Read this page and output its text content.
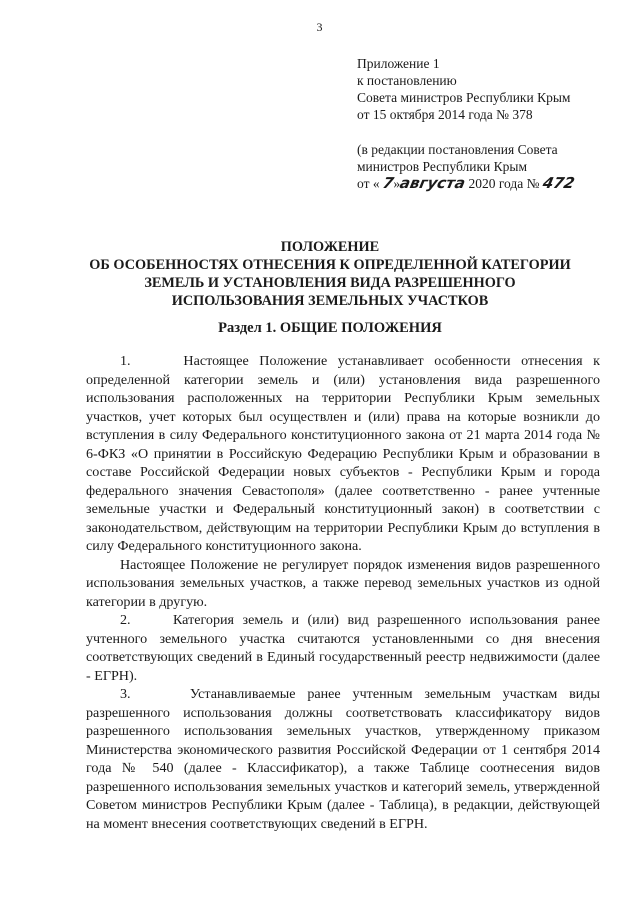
3
Приложение 1
к постановлению
Совета министров Республики Крым
от 15 октября 2014 года № 378
(в редакции постановления Совета
министров Республики Крым
от « 7»августа 2020 года № 472
ПОЛОЖЕНИЕ
ОБ ОСОБЕННОСТЯХ ОТНЕСЕНИЯ К ОПРЕДЕЛЕННОЙ КАТЕГОРИИ
ЗЕМЕЛЬ И УСТАНОВЛЕНИЯ ВИДА РАЗРЕШЕННОГО
ИСПОЛЬЗОВАНИЯ ЗЕМЕЛЬНЫХ УЧАСТКОВ
Раздел 1. ОБЩИЕ ПОЛОЖЕНИЯ

1.     Настоящее Положение устанавливает особенности отнесения к определенной категории земель и (или) установления вида разрешенного использования расположенных на территории Республики Крым земельных участков, учет которых был осуществлен и (или) права на которые возникли до вступления в силу Федерального конституционного закона от 21 марта 2014 года № 6-ФКЗ «О принятии в Российскую Федерацию Республики Крым и образовании в составе Российской Федерации новых субъектов - Республики Крым и города федерального значения Севастополя» (далее соответственно - ранее учтенные земельные участки и Федеральный конституционный закон) в соответствии с законодательством, действующим на территории Республики Крым до вступления в силу Федерального конституционного закона.

Настоящее Положение не регулирует порядок изменения видов разрешенного использования земельных участков, а также перевод земельных участков из одной категории в другую.

2.     Категория земель и (или) вид разрешенного использования ранее учтенного земельного участка считаются установленными со дня внесения соответствующих сведений в Единый государственный реестр недвижимости (далее - ЕГРН).

3.     Устанавливаемые ранее учтенным земельным участкам виды разрешенного использования должны соответствовать классификатору видов разрешенного использования земельных участков, утвержденному приказом Министерства экономического развития Российской Федерации от 1 сентября 2014 года № 540 (далее - Классификатор), а также Таблице соотнесения видов разрешенного использования земельных участков и категорий земель, утвержденной Советом министров Республики Крым (далее - Таблица), в редакции, действующей на момент внесения соответствующих сведений в ЕГРН.
